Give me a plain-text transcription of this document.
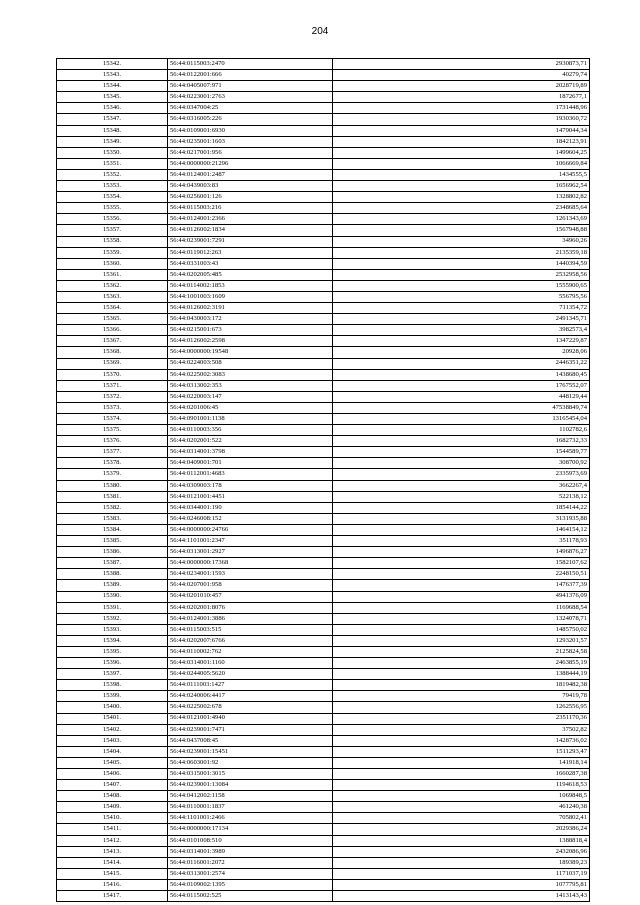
204
15342.	56:44:0115003:2470	2930873,71
15343.	56:44:0122001:666	40279,74
15344.	56:44:0405007:971	2028719,89
15345.	56:44:0223001:2763	1872677,1
15346.	56:44:0347004:25	1731448,96
15347.	56:44:0316005:226	1930360,72
15348.	56:44:0109001:6930	1479044,34
15349.	56:44:0235001:1603	1842123,91
15350.	56:44:0217001:956	1499604,25
15351.	56:44:0000000:21296	1066669,84
15352.	56:44:0124001:2487	1434555,5
15353.	56:44:0439003:83	1656962,54
15354.	56:44:0256001:126	1328802,82
15355.	56:44:0115003:216	2348685,64
15356.	56:44:0124001:2366	1261343,69
15357.	56:44:0126002:1834	1567948,88
15358.	56:44:0239001:7291	34960,26
15359.	56:44:0119012:263	2135359,18
15360.	56:44:0331003:43	1440394,59
15361.	56:44:0202005:485	2532958,56
15362.	56:44:0114002:1853	1555900,65
15363.	56:44:1001003:1609	556795,56
15364.	56:44:0126002:3191	711354,72
15365.	56:44:0430003:172	2491345,71
15366.	56:44:0215001:673	3982573,4
15367.	56:44:0126002:2598	1347229,87
15368.	56:44:0000000:19548	20928,06
15369.	56:44:0224003:508	2446351,22
15370.	56:44:0225002:3083	1438680,45
15371.	56:44:0313002:353	1767552,07
15372.	56:44:0220003:147	448129,44
15373.	56:44:0201006:45	47538849,74
15374.	56:44:0901001:1138	13165454,04
15375.	56:44:0110003:356	1102782,6
15376.	56:44:0202001:522	1682732,33
15377.	56:44:0314001:3798	1544589,77
15378.	56:44:0409001:701	308700,92
15379.	56:44:0112001:4683	2335973,69
15380.	56:44:0309003:178	3662267,4
15381.	56:44:0121001:4451	522138,12
15382.	56:44:0344001:190	1854144,22
15383.	56:44:0246008:152	3131935,88
15384.	56:44:0000000:24766	1464154,12
15385.	56:44:1101001:2347	351178,93
15386.	56:44:0313001:2927	1496876,27
15387.	56:44:0000000:17368	1582107,62
15388.	56:44:0234001:1593	2248150,51
15389.	56:44:0207001:958	1476377,39
15390.	56:44:0201010:457	4941376,09
15391.	56:44:0202001:8076	1169688,54
15392.	56:44:0124001:3886	1324078,71
15393.	56:44:0115003:515	1485750,02
15394.	56:44:0202007:6766	1293201,57
15395.	56:44:0110002:762	2125824,58
15396.	56:44:0314001:1160	2463855,19
15397.	56:44:0244005:5620	1388444,19
15398.	56:44:0111003:1427	1819482,38
15399.	56:44:0240006:4417	79419,78
15400.	56:44:0225002:678	1262556,95
15401.	56:44:0121001:4940	2351170,36
15402.	56:44:0239001:7471	37502,82
15403.	56:44:0437008:45	1428736,02
15404.	56:44:0239001:15451	1511293,47
15405.	56:44:0603001:92	141918,14
15406.	56:44:0315001:3015	1660287,38
15407.	56:44:0239001:13084	1194618,53
15408.	56:44:0412002:1158	1069848,5
15409.	56:44:0110001:1837	461240,38
15410.	56:44:1101001:2466	705802,41
15411.	56:44:0000000:17134	2029386,24
15412.	56:44:0101008:510	1388818,4
15413.	56:44:0314001:3989	2432086,96
15414.	56:44:0116001:2072	189389,23
15415.	56:44:0313001:2574	1171037,19
15416.	56:44:0109002:1395	1077795,81
15417.	56:44:0115002:525	1413143,43
